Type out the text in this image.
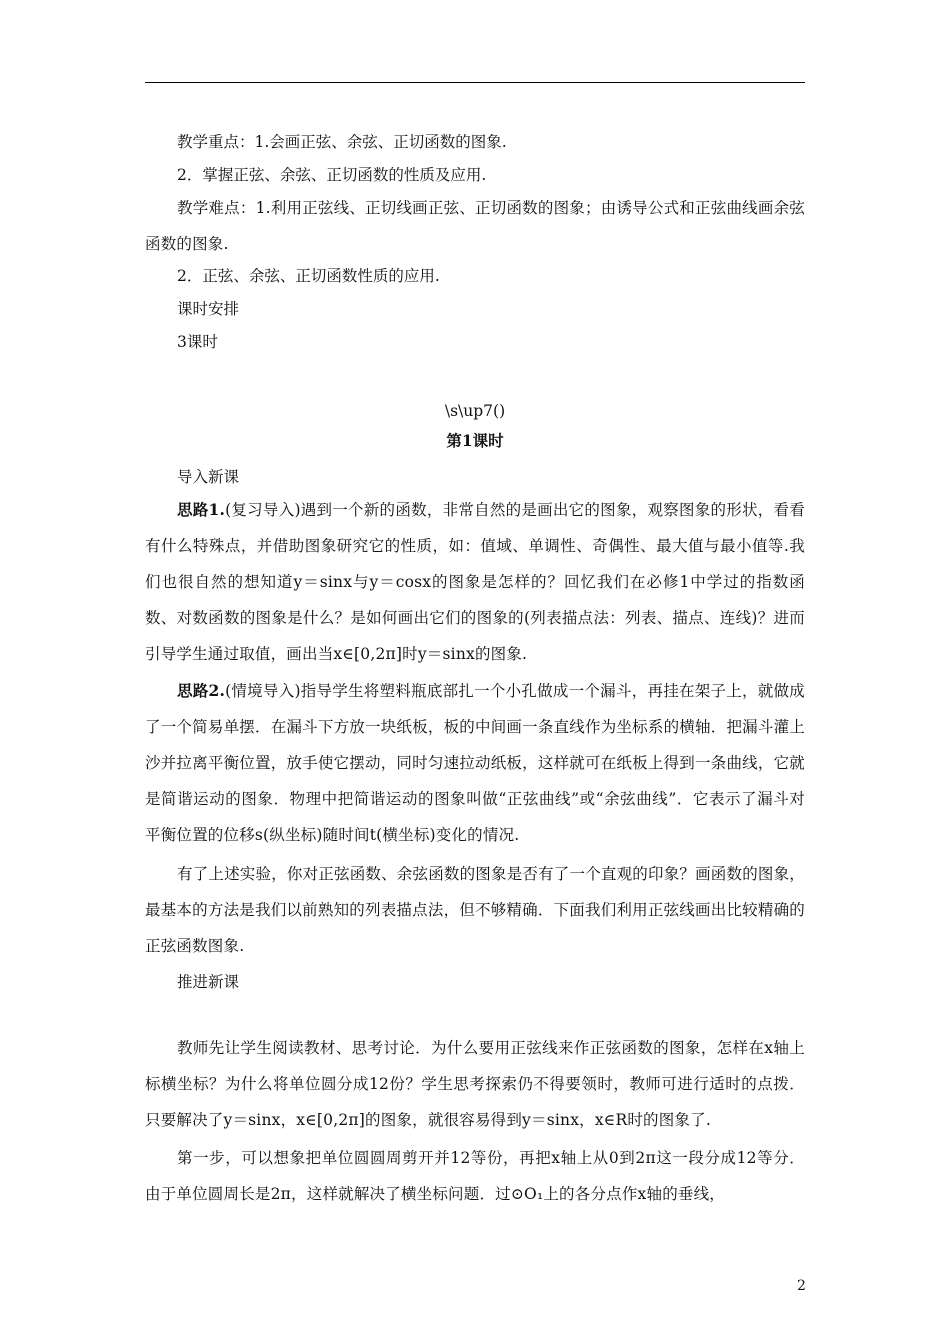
教学重点：1.会画正弦、余弦、正切函数的图象.

2．掌握正弦、余弦、正切函数的性质及应用.

教学难点：1.利用正弦线、正切线画正弦、正切函数的图象；由诱导公式和正弦曲线画余弦函数的图象.

2．正弦、余弦、正切函数性质的应用.

课时安排

3课时

\s\up7()

第1课时

导入新课

思路1.(复习导入)遇到一个新的函数，非常自然的是画出它的图象，观察图象的形状，看看有什么特殊点，并借助图象研究它的性质，如：值域、单调性、奇偶性、最大值与最小值等.我们也很自然的想知道y＝sinx与y＝cosx的图象是怎样的？回忆我们在必修1中学过的指数函数、对数函数的图象是什么？是如何画出它们的图象的(列表描点法：列表、描点、连线)？进而引导学生通过取值，画出当x∈[0,2π]时y＝sinx的图象.

思路2.(情境导入)指导学生将塑料瓶底部扎一个小孔做成一个漏斗，再挂在架子上，就做成了一个简易单摆．在漏斗下方放一块纸板，板的中间画一条直线作为坐标系的横轴．把漏斗灌上沙并拉离平衡位置，放手使它摆动，同时匀速拉动纸板，这样就可在纸板上得到一条曲线，它就是简谐运动的图象．物理中把简谐运动的图象叫做“正弦曲线”或“余弦曲线”．它表示了漏斗对平衡位置的位移s(纵坐标)随时间t(横坐标)变化的情况.

有了上述实验，你对正弦函数、余弦函数的图象是否有了一个直观的印象？画函数的图象，最基本的方法是我们以前熟知的列表描点法，但不够精确．下面我们利用正弦线画出比较精确的正弦函数图象.

推进新课

教师先让学生阅读教材、思考讨论．为什么要用正弦线来作正弦函数的图象，怎样在x轴上标横坐标？为什么将单位圆分成12份？学生思考探索仍不得要领时，教师可进行适时的点拨．只要解决了y＝sinx，x∈[0,2π]的图象，就很容易得到y＝sinx，x∈R时的图象了.

第一步，可以想象把单位圆圆周剪开并12等份，再把x轴上从0到2π这一段分成12等分．由于单位圆周长是2π，这样就解决了横坐标问题．过⊙O₁上的各分点作x轴的垂线，

2
